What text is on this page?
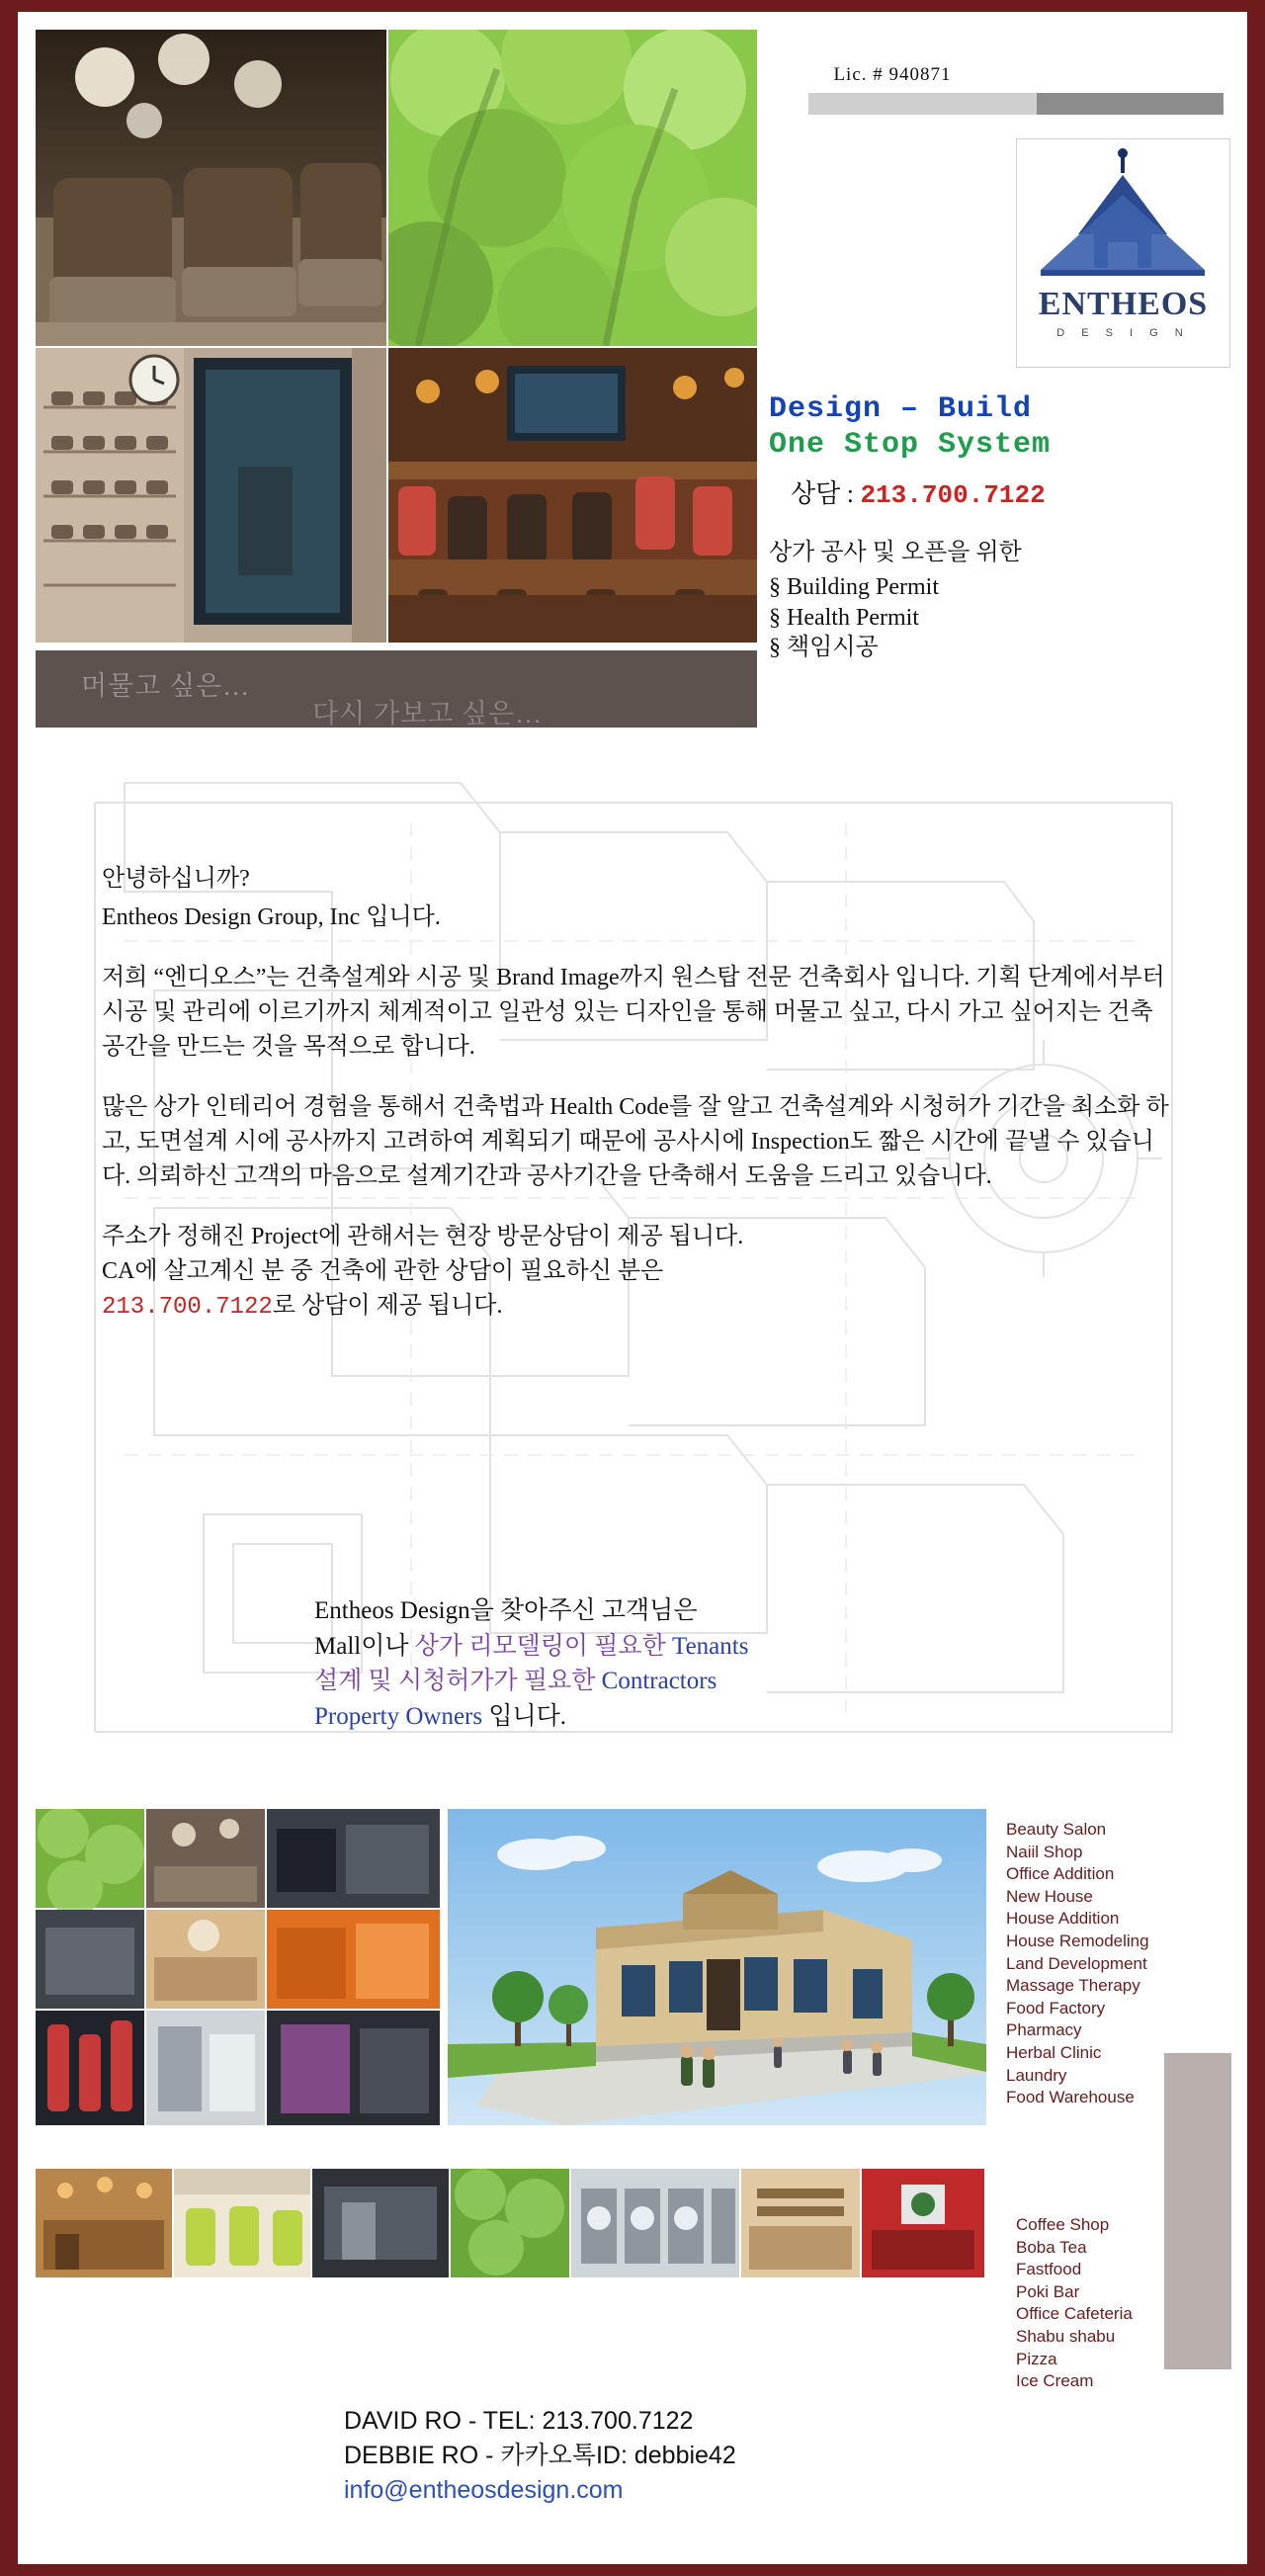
Lic. # 940871
ENTHEOS
D E S I G N
Design – Build
One Stop System
상담 : 213.700.7122
상가 공사 및 오픈을 위한
§ Building Permit
§ Health Permit
§ 책임시공
머물고 싶은…
다시 가보고 싶은…
안녕하십니까?
Entheos Design Group, Inc 입니다.
저희 “엔디오스”는 건축설계와 시공 및 Brand Image까지 원스탑 전문 건축회사 입니다. 기획 단계에서부터 시공 및 관리에 이르기까지 체계적이고 일관성 있는 디자인을 통해 머물고 싶고, 다시 가고 싶어지는 건축공간을 만드는 것을 목적으로 합니다.
많은 상가 인테리어 경험을 통해서 건축법과 Health Code를 잘 알고 건축설계와 시청허가 기간을 최소화 하고, 도면설계 시에 공사까지 고려하여 계획되기 때문에 공사시에 Inspection도 짧은 시간에 끝낼 수 있습니다. 의뢰하신 고객의 마음으로 설계기간과 공사기간을 단축해서 도움을 드리고 있습니다.
주소가 정해진 Project에 관해서는 현장 방문상담이 제공 됩니다.
CA에 살고계신 분 중 건축에 관한 상담이 필요하신 분은
213.700.7122로 상담이 제공 됩니다.
Entheos Design을 찾아주신 고객님은
Mall이나 상가 리모델링이 필요한 Tenants
설계 및 시청허가가 필요한 Contractors
Property Owners 입니다.
Beauty Salon
Naiil Shop
Office Addition
New House
House Addition
House Remodeling
Land Development
Massage Therapy
Food Factory
Pharmacy
Herbal Clinic
Laundry
Food Warehouse
Coffee Shop
Boba Tea
Fastfood
Poki Bar
Office Cafeteria
Shabu shabu
Pizza
Ice Cream
DAVID RO - TEL: 213.700.7122
DEBBIE RO - 카카오톡ID: debbie42
info@entheosdesign.com
